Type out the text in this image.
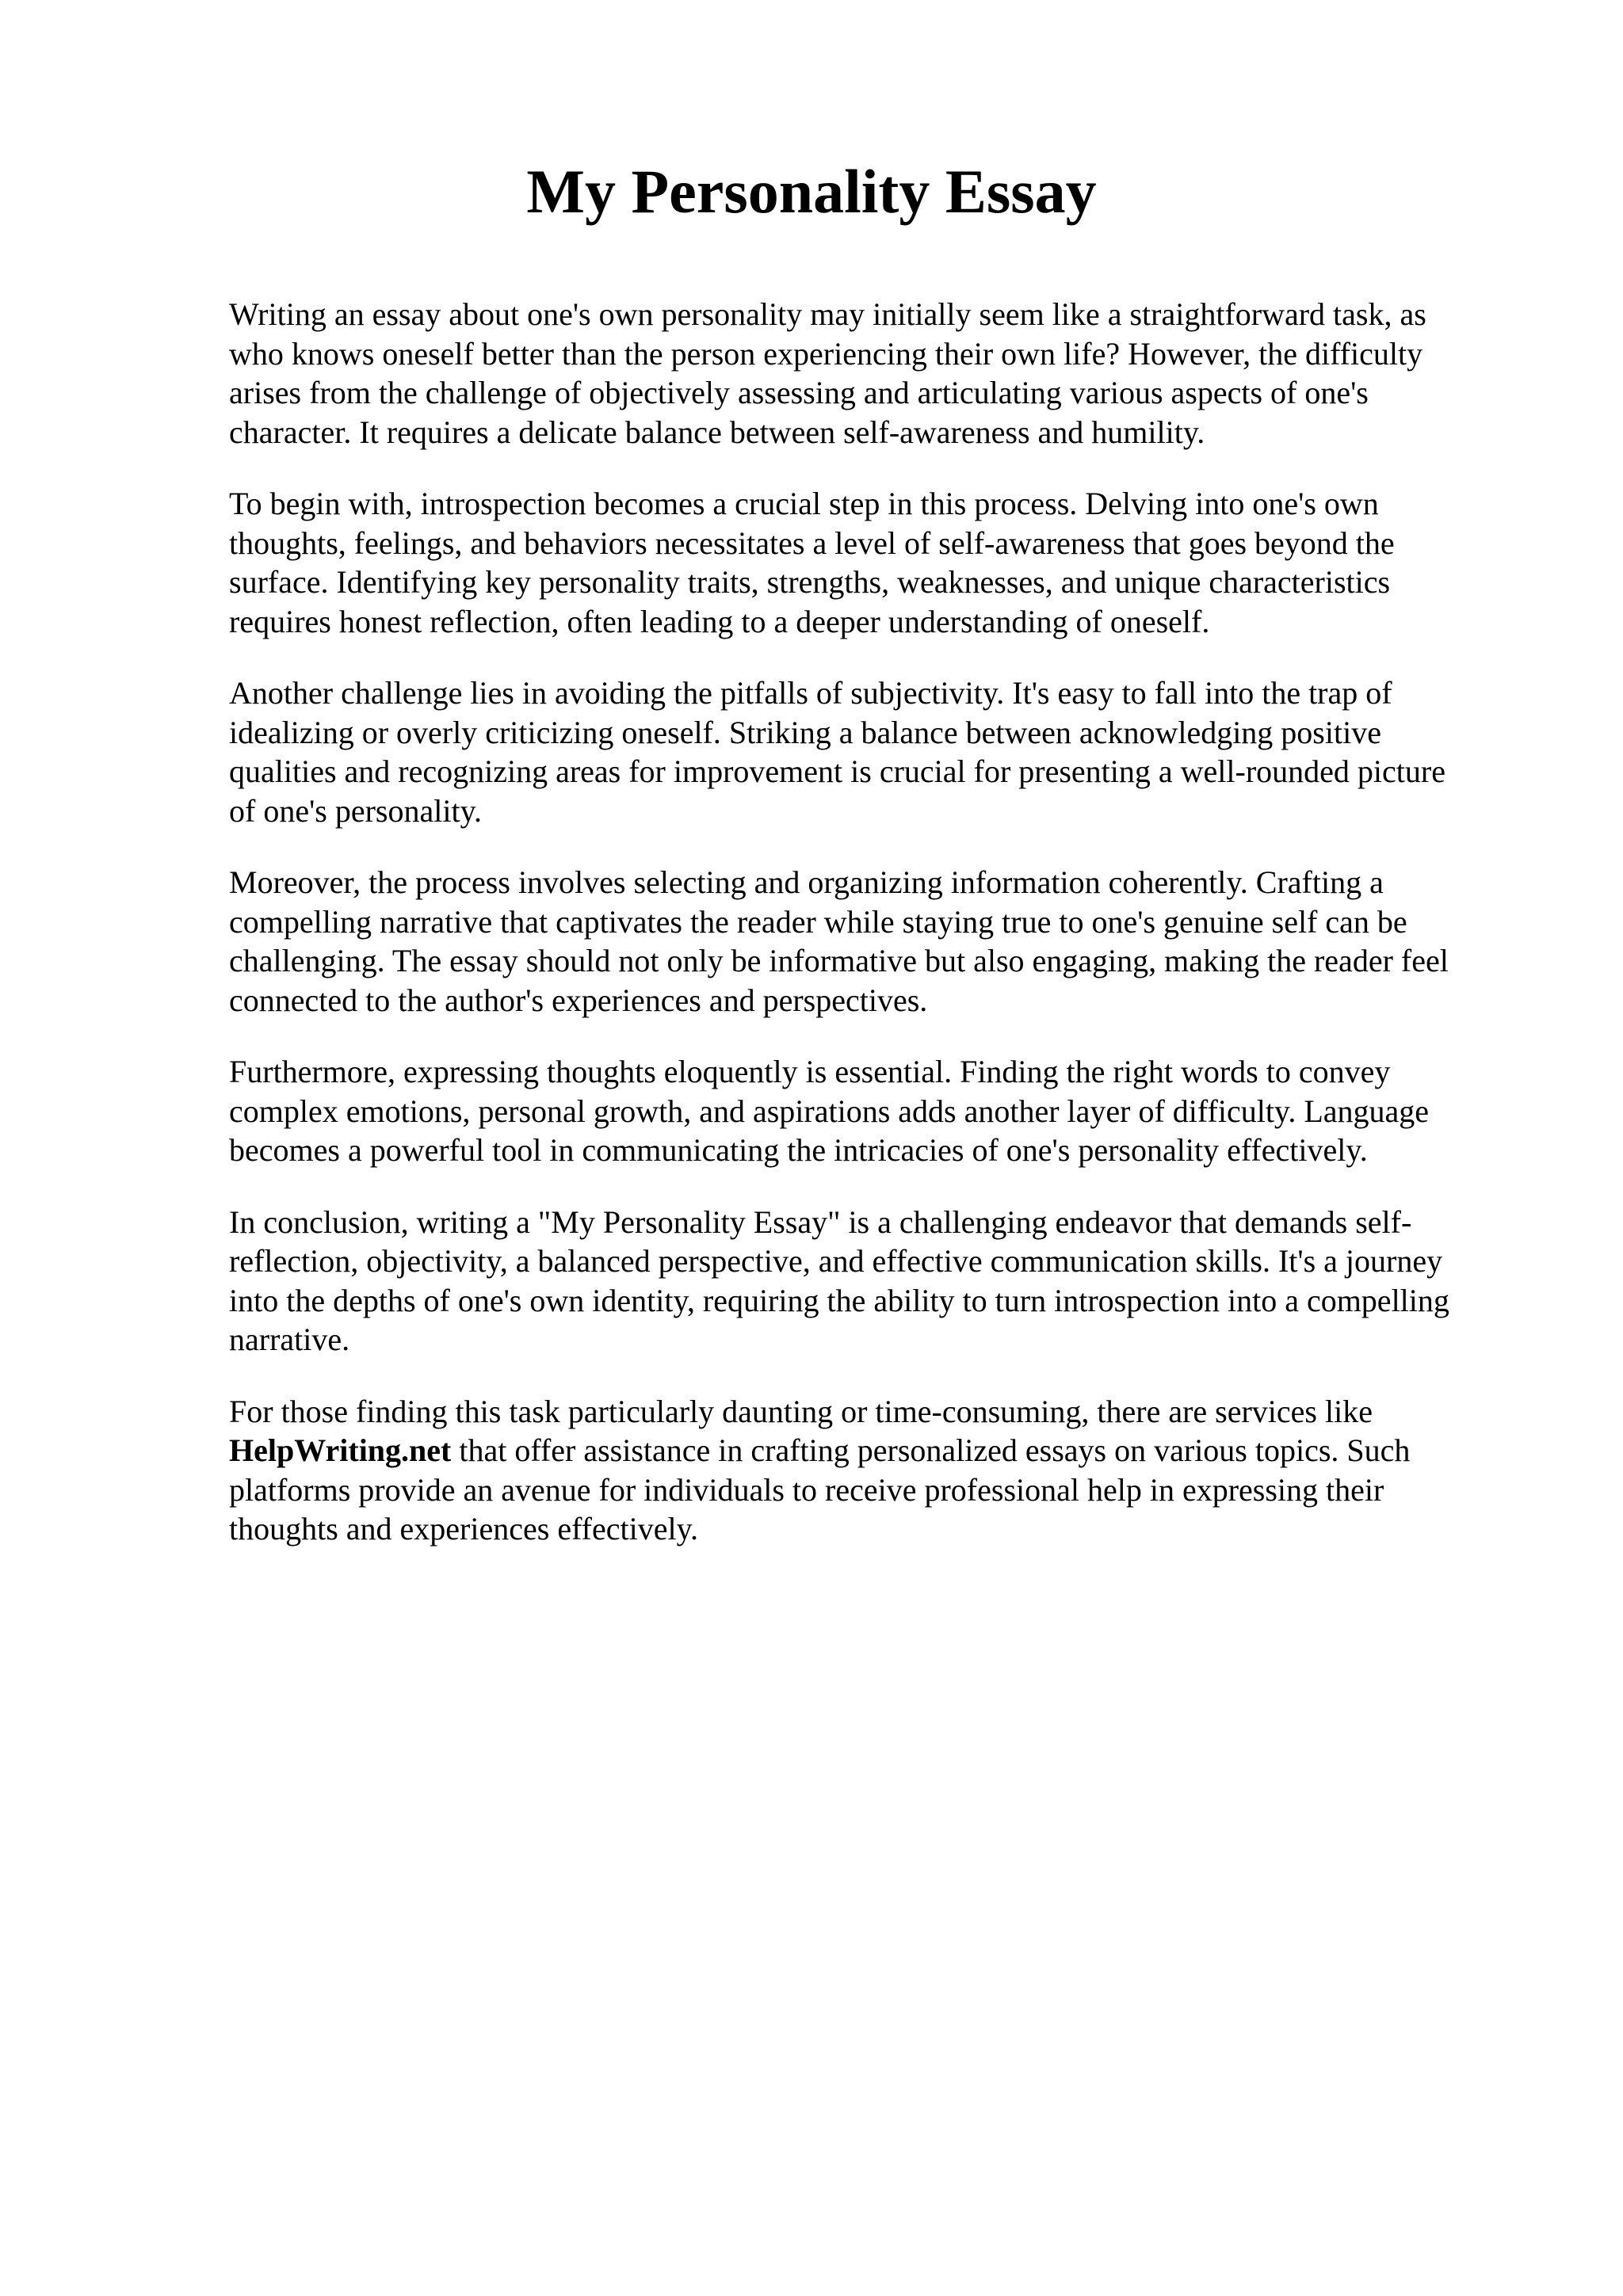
My Personality Essay

Writing an essay about one's own personality may initially seem like a straightforward task, as
who knows oneself better than the person experiencing their own life? However, the difficulty
arises from the challenge of objectively assessing and articulating various aspects of one's
character. It requires a delicate balance between self-awareness and humility.

To begin with, introspection becomes a crucial step in this process. Delving into one's own
thoughts, feelings, and behaviors necessitates a level of self-awareness that goes beyond the
surface. Identifying key personality traits, strengths, weaknesses, and unique characteristics
requires honest reflection, often leading to a deeper understanding of oneself.

Another challenge lies in avoiding the pitfalls of subjectivity. It's easy to fall into the trap of
idealizing or overly criticizing oneself. Striking a balance between acknowledging positive
qualities and recognizing areas for improvement is crucial for presenting a well-rounded picture
of one's personality.

Moreover, the process involves selecting and organizing information coherently. Crafting a
compelling narrative that captivates the reader while staying true to one's genuine self can be
challenging. The essay should not only be informative but also engaging, making the reader feel
connected to the author's experiences and perspectives.

Furthermore, expressing thoughts eloquently is essential. Finding the right words to convey
complex emotions, personal growth, and aspirations adds another layer of difficulty. Language
becomes a powerful tool in communicating the intricacies of one's personality effectively.

In conclusion, writing a "My Personality Essay" is a challenging endeavor that demands self-
reflection, objectivity, a balanced perspective, and effective communication skills. It's a journey
into the depths of one's own identity, requiring the ability to turn introspection into a compelling
narrative.

For those finding this task particularly daunting or time-consuming, there are services like
HelpWriting.net that offer assistance in crafting personalized essays on various topics. Such
platforms provide an avenue for individuals to receive professional help in expressing their
thoughts and experiences effectively.
